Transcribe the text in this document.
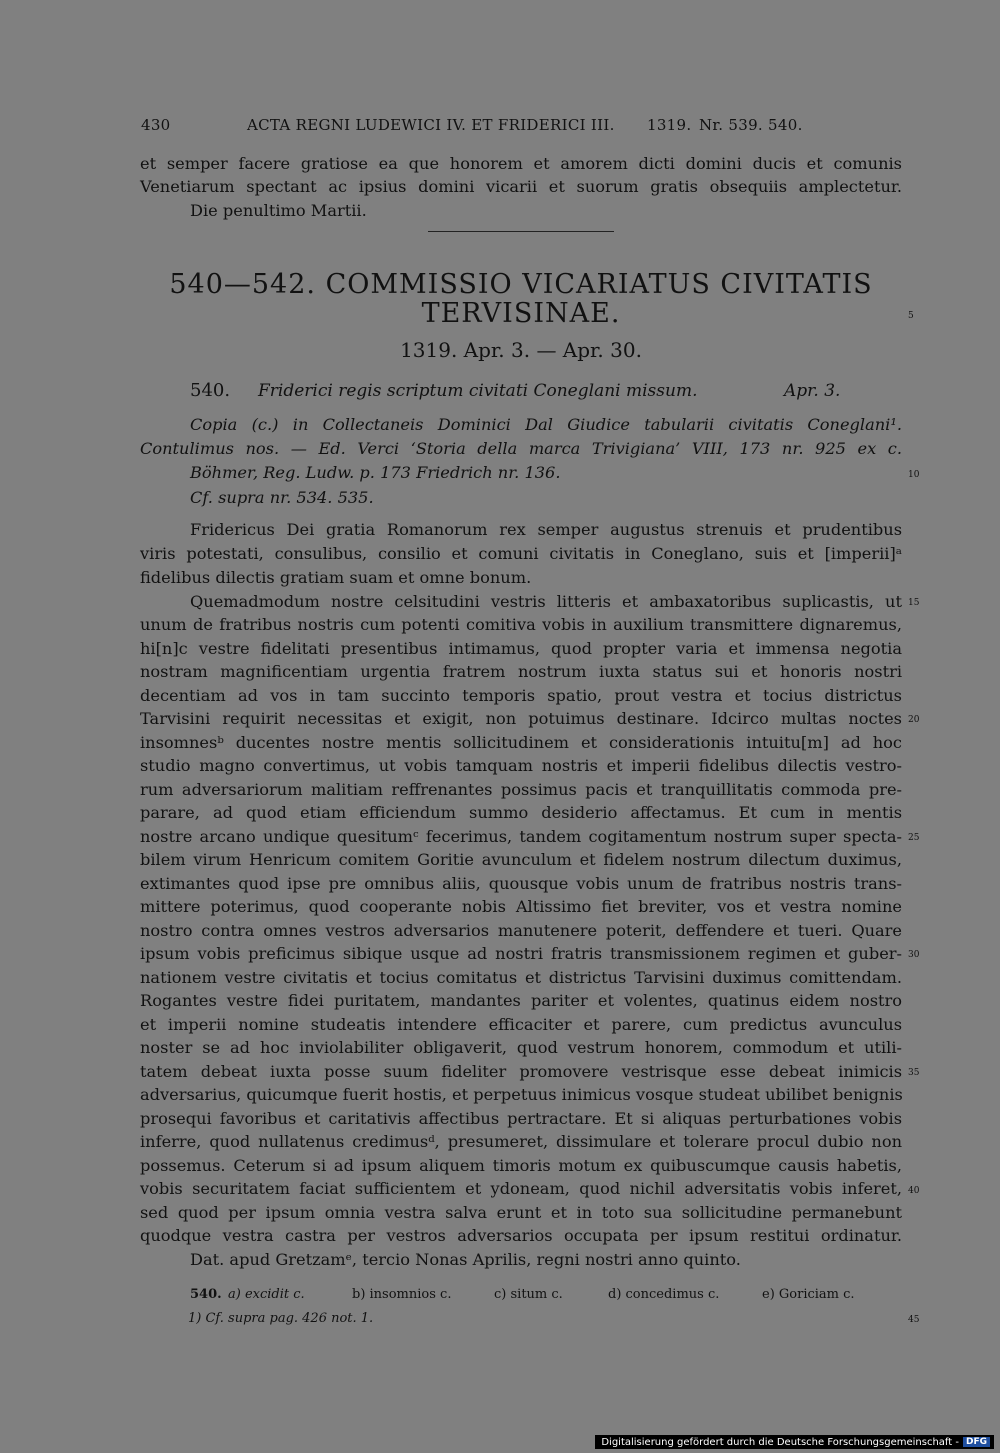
430	ACTA REGNI LUDEWICI IV. ET FRIDERICI III. 1319. Nr. 539. 540.
et semper facere gratiose ea que honorem et amorem dicti domini ducis et comunis
Venetiarum spectant ac ipsius domini vicarii et suorum gratis obsequiis amplectetur.
Die penultimo Martii.
540—542. COMMISSIO VICARIATUS CIVITATIS
TERVISINAE.	5
1319. Apr. 3. — Apr. 30.
540. Friderici regis scriptum civitati Coneglani missum.	Apr. 3.
Copia (c.) in Collectaneis Dominici Dal Giudice tabularii civitatis Coneglani¹.
Contulimus nos. — Ed. Verci ‘Storia della marca Trivigiana’ VIII, 173 nr. 925 ex c.
Böhmer, Reg. Ludw. p. 173 Friedrich nr. 136.	10
Cf. supra nr. 534. 535.
Fridericus Dei gratia Romanorum rex semper augustus strenuis et prudentibus
viris potestati, consulibus, consilio et comuni civitatis in Coneglano, suis et [imperii]ᵃ
fidelibus dilectis gratiam suam et omne bonum.
Quemadmodum nostre celsitudini vestris litteris et ambaxatoribus suplicastis, ut 15
unum de fratribus nostris cum potenti comitiva vobis in auxilium transmittere dignaremus,
hi[n]c vestre fidelitati presentibus intimamus, quod propter varia et immensa negotia
nostram magnificentiam urgentia fratrem nostrum iuxta status sui et honoris nostri
decentiam ad vos in tam succinto temporis spatio, prout vestra et tocius districtus
Tarvisini requirit necessitas et exigit, non potuimus destinare. Idcirco multas noctes 20
insomnesᵇ ducentes nostre mentis sollicitudinem et considerationis intuitu[m] ad hoc
studio magno convertimus, ut vobis tamquam nostris et imperii fidelibus dilectis vestro-
rum adversariorum malitiam reffrenantes possimus pacis et tranquillitatis commoda pre-
parare, ad quod etiam efficiendum summo desiderio affectamus. Et cum in mentis
nostre arcano undique quesitumᶜ fecerimus, tandem cogitamentum nostrum super specta- 25
bilem virum Henricum comitem Goritie avunculum et fidelem nostrum dilectum duximus,
extimantes quod ipse pre omnibus aliis, quousque vobis unum de fratribus nostris trans-
mittere poterimus, quod cooperante nobis Altissimo fiet breviter, vos et vestra nomine
nostro contra omnes vestros adversarios manutenere poterit, deffendere et tueri. Quare
ipsum vobis preficimus sibique usque ad nostri fratris transmissionem regimen et guber- 30
nationem vestre civitatis et tocius comitatus et districtus Tarvisini duximus comittendam.
Rogantes vestre fidei puritatem, mandantes pariter et volentes, quatinus eidem nostro
et imperii nomine studeatis intendere efficaciter et parere, cum predictus avunculus
noster se ad hoc inviolabiliter obligaverit, quod vestrum honorem, commodum et utili-
tatem debeat iuxta posse suum fideliter promovere vestrisque esse debeat inimicis
adversarius, quicumque fuerit hostis, et perpetuus inimicus vosque studeat ubilibet benignis
35
prosequi favoribus et caritativis affectibus pertractare. Et si aliquas perturbationes vobis
inferre, quod nullatenus credimusᵈ, presumeret, dissimulare et tolerare procul dubio non
possemus. Ceterum si ad ipsum aliquem timoris motum ex quibuscumque causis habetis,
vobis securitatem faciat sufficientem et ydoneam, quod nichil adversitatis vobis inferet, 40
sed quod per ipsum omnia vestra salva erunt et in toto sua sollicitudine permanebunt
quodque vestra castra per vestros adversarios occupata per ipsum restitui ordinatur.
Dat. apud Gretzamᵉ, tercio Nonas Aprilis, regni nostri anno quinto.
540. a) excidit c.	b) insomnios c.	c) situm c.	d) concedimus c.	e) Goriciam c.
1) Cf. supra pag. 426 not. 1.	45
Digitalisierung gefördert durch die Deutsche Forschungsgemeinschaft - DFG
